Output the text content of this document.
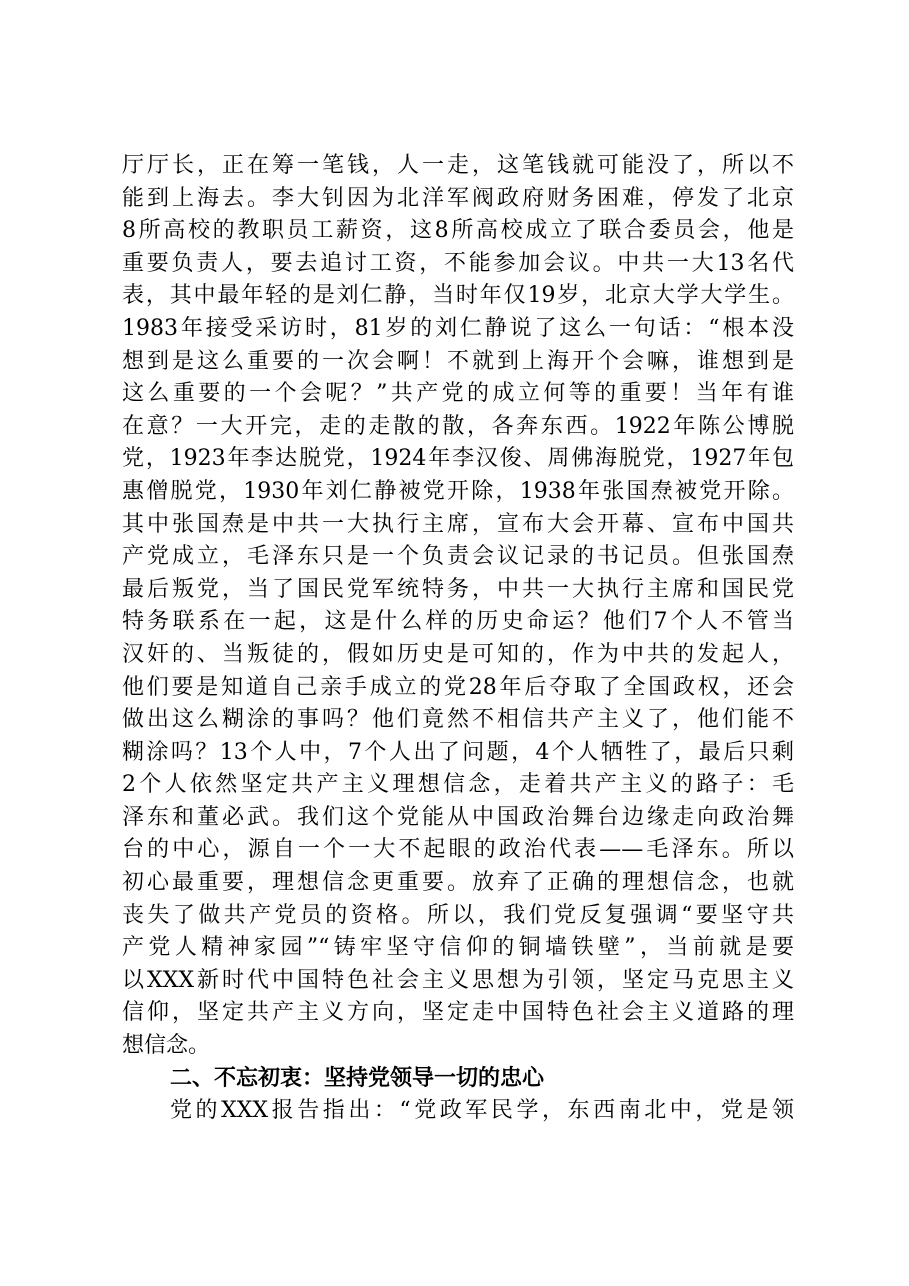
厅厅长，正在筹一笔钱，人一走，这笔钱就可能没了，所以不
能到上海去。李大钊因为北洋军阀政府财务困难，停发了北京
8所高校的教职员工薪资，这8所高校成立了联合委员会，他是
重要负责人，要去追讨工资，不能参加会议。中共一大13名代
表，其中最年轻的是刘仁静，当时年仅19岁，北京大学大学生。
1983年接受采访时，81岁的刘仁静说了这么一句话：“根本没
想到是这么重要的一次会啊！不就到上海开个会嘛，谁想到是
这么重要的一个会呢？”共产党的成立何等的重要！当年有谁
在意？一大开完，走的走散的散，各奔东西。1922年陈公博脱
党，1923年李达脱党，1924年李汉俊、周佛海脱党，1927年包
惠僧脱党，1930年刘仁静被党开除，1938年张国焘被党开除。
其中张国焘是中共一大执行主席，宣布大会开幕、宣布中国共
产党成立，毛泽东只是一个负责会议记录的书记员。但张国焘
最后叛党，当了国民党军统特务，中共一大执行主席和国民党
特务联系在一起，这是什么样的历史命运？他们7个人不管当
汉奸的、当叛徒的，假如历史是可知的，作为中共的发起人，
他们要是知道自己亲手成立的党28年后夺取了全国政权，还会
做出这么糊涂的事吗？他们竟然不相信共产主义了，他们能不
糊涂吗？13个人中，7个人出了问题，4个人牺牲了，最后只剩
2个人依然坚定共产主义理想信念，走着共产主义的路子：毛
泽东和董必武。我们这个党能从中国政治舞台边缘走向政治舞
台的中心，源自一个一大不起眼的政治代表——毛泽东。所以
初心最重要，理想信念更重要。放弃了正确的理想信念，也就
丧失了做共产党员的资格。所以，我们党反复强调“要坚守共
产党人精神家园”“铸牢坚守信仰的铜墙铁壁”，当前就是要
以XXX新时代中国特色社会主义思想为引领，坚定马克思主义
信仰，坚定共产主义方向，坚定走中国特色社会主义道路的理
想信念。
二、不忘初衷：坚持党领导一切的忠心
党的XXX报告指出：“党政军民学，东西南北中，党是领
